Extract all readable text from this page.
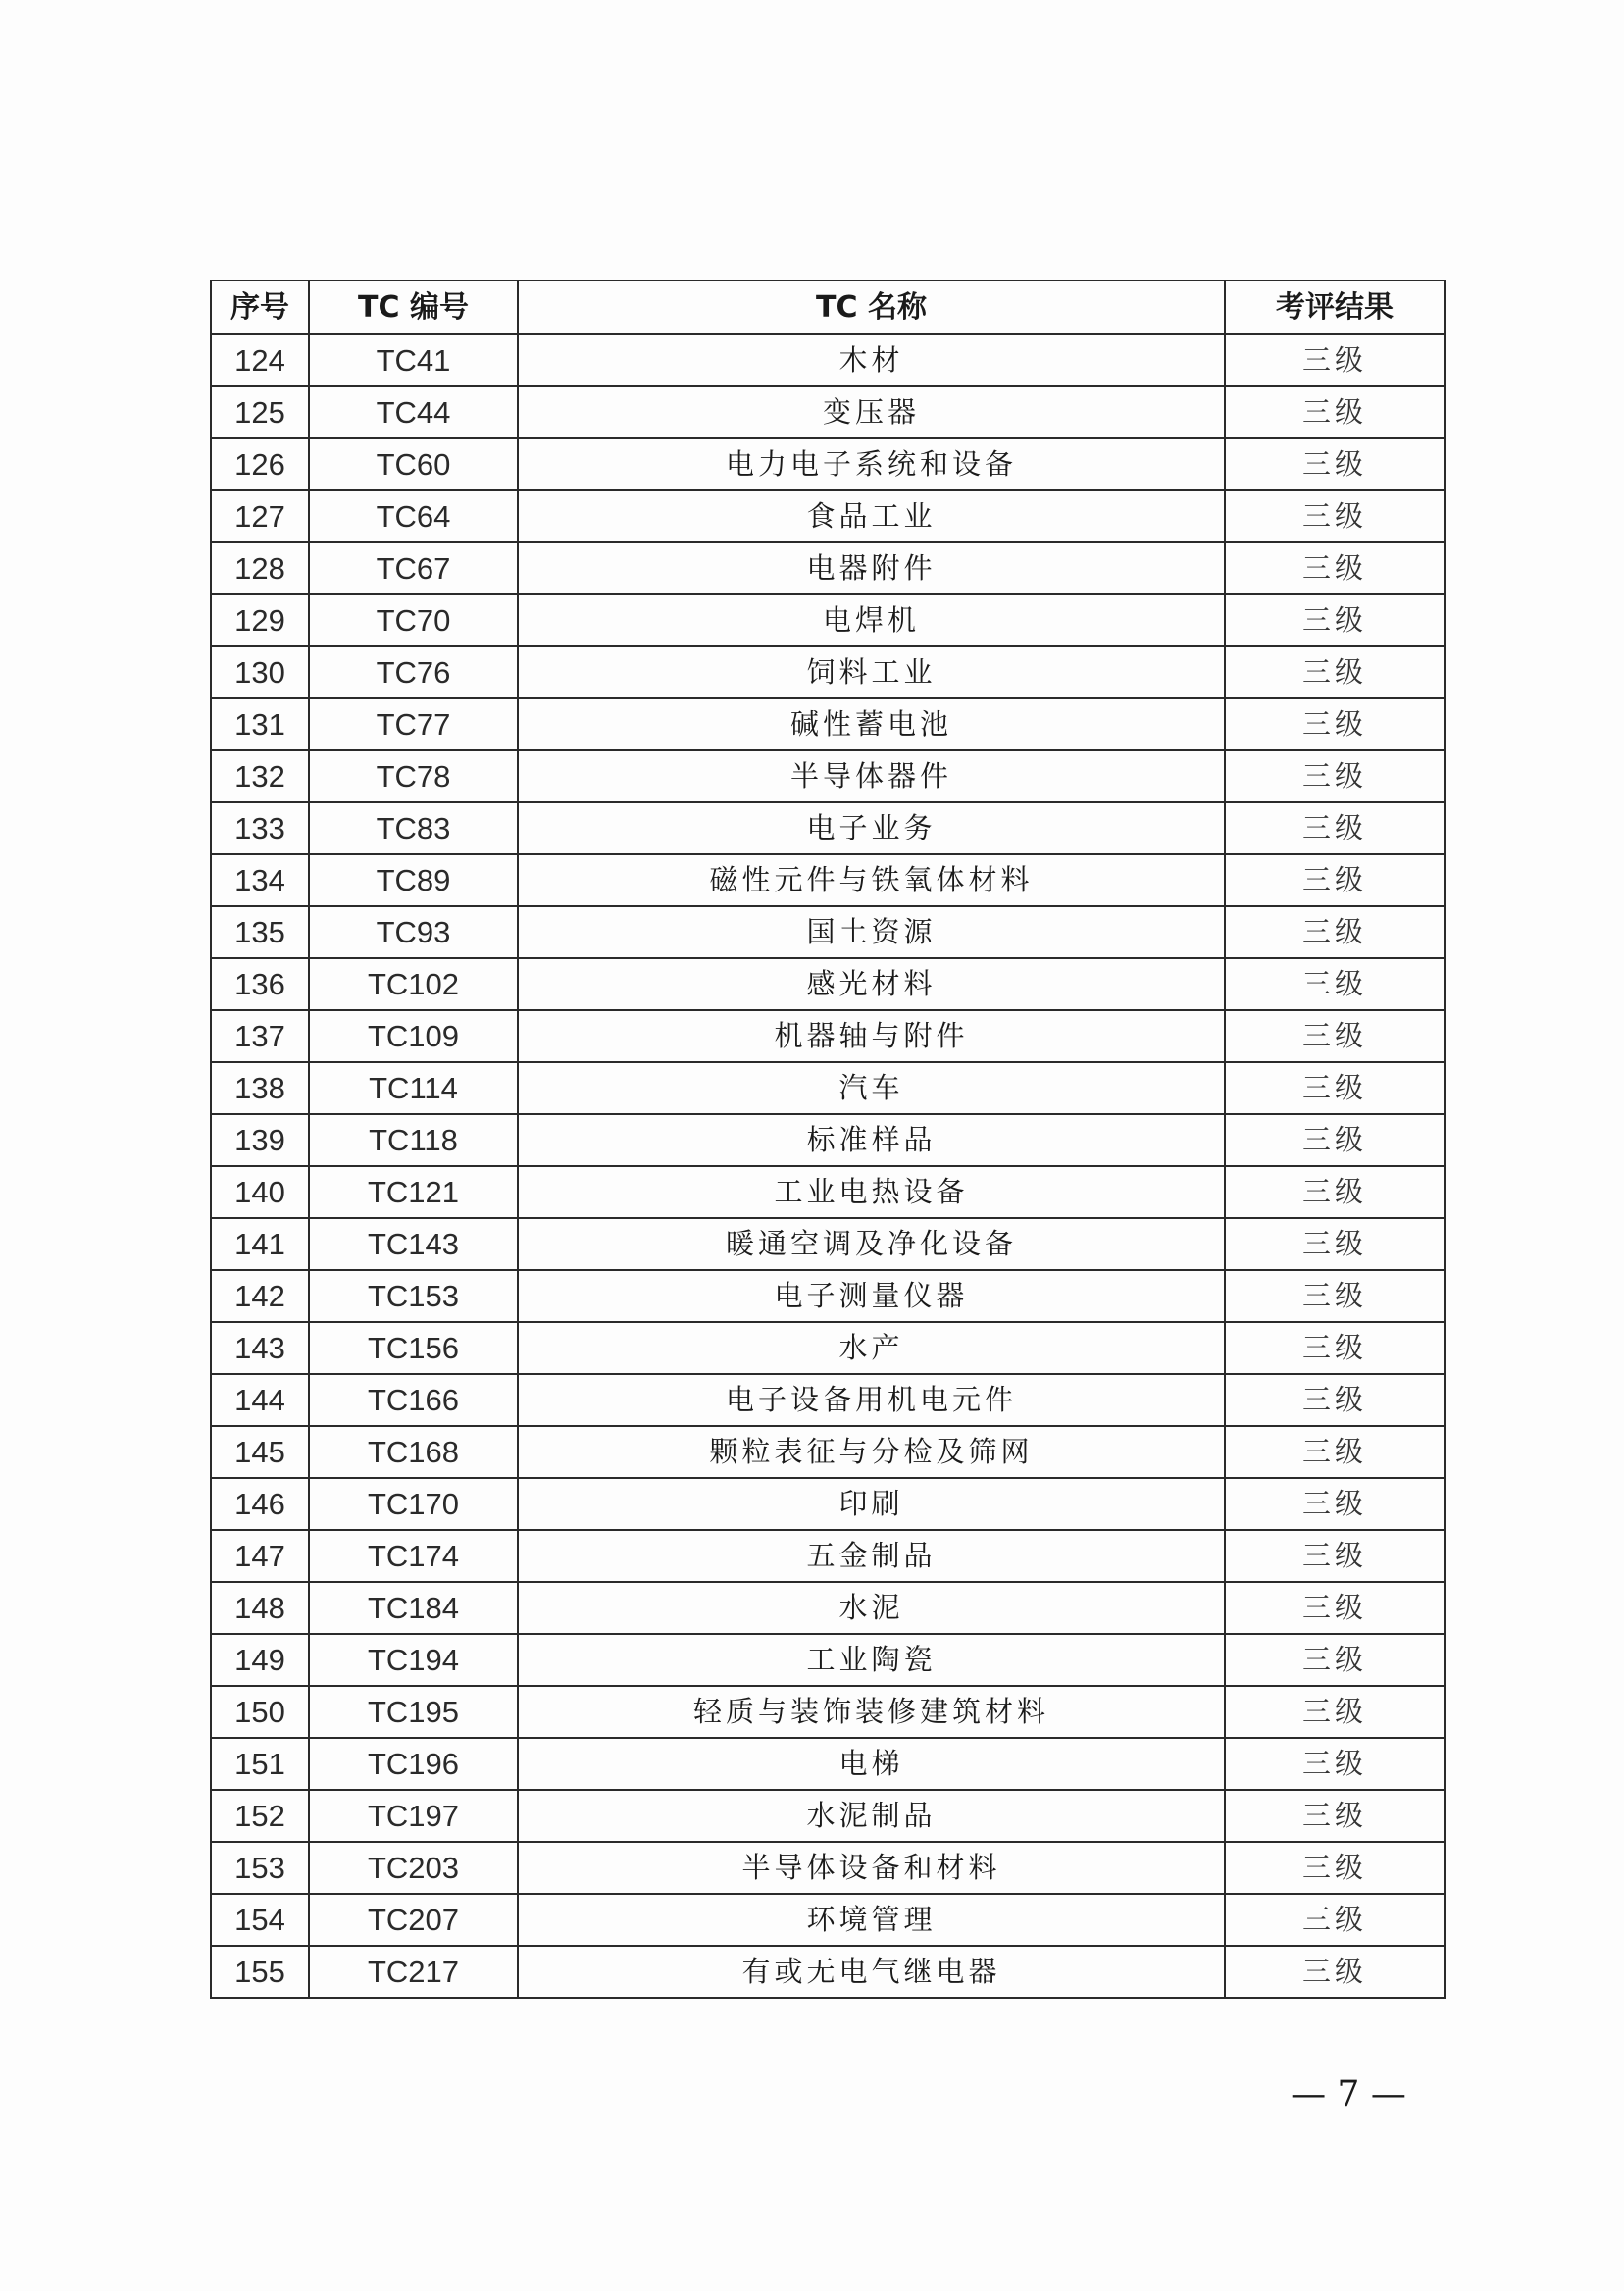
序号	TC 编号	TC 名称	考评结果
124	TC41	木材	三级
125	TC44	变压器	三级
126	TC60	电力电子系统和设备	三级
127	TC64	食品工业	三级
128	TC67	电器附件	三级
129	TC70	电焊机	三级
130	TC76	饲料工业	三级
131	TC77	碱性蓄电池	三级
132	TC78	半导体器件	三级
133	TC83	电子业务	三级
134	TC89	磁性元件与铁氧体材料	三级
135	TC93	国土资源	三级
136	TC102	感光材料	三级
137	TC109	机器轴与附件	三级
138	TC114	汽车	三级
139	TC118	标准样品	三级
140	TC121	工业电热设备	三级
141	TC143	暖通空调及净化设备	三级
142	TC153	电子测量仪器	三级
143	TC156	水产	三级
144	TC166	电子设备用机电元件	三级
145	TC168	颗粒表征与分检及筛网	三级
146	TC170	印刷	三级
147	TC174	五金制品	三级
148	TC184	水泥	三级
149	TC194	工业陶瓷	三级
150	TC195	轻质与装饰装修建筑材料	三级
151	TC196	电梯	三级
152	TC197	水泥制品	三级
153	TC203	半导体设备和材料	三级
154	TC207	环境管理	三级
155	TC217	有或无电气继电器	三级
— 7 —
